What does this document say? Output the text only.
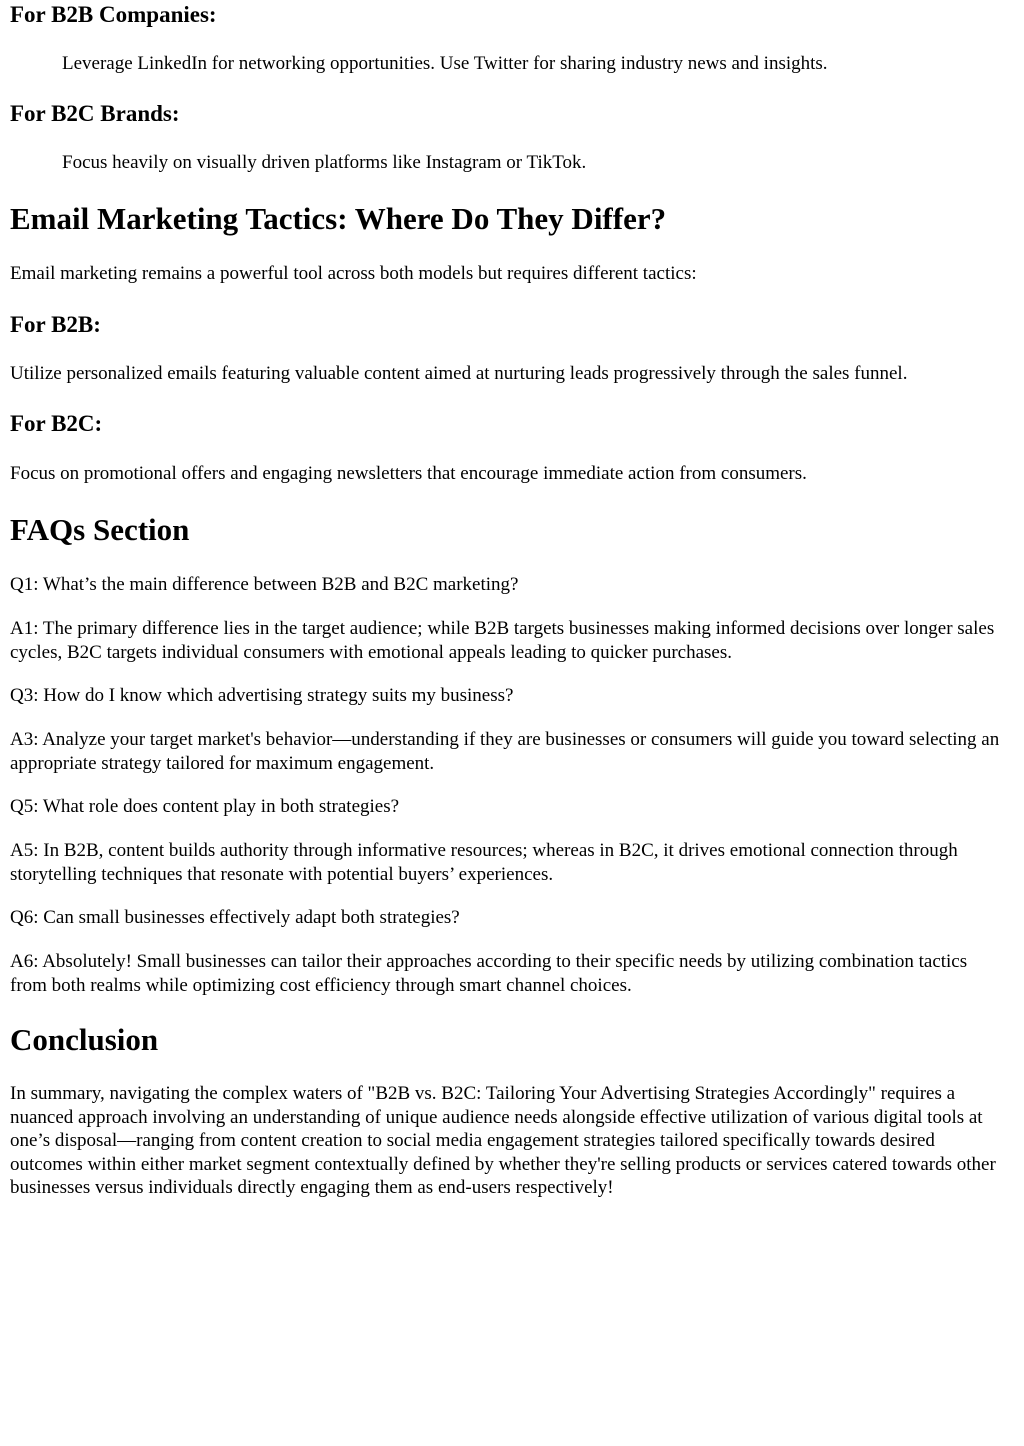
For B2B Companies:

Leverage LinkedIn for networking opportunities. Use Twitter for sharing industry news and insights.

For B2C Brands:

Focus heavily on visually driven platforms like Instagram or TikTok.

Email Marketing Tactics: Where Do They Differ?

Email marketing remains a powerful tool across both models but requires different tactics:

For B2B:

Utilize personalized emails featuring valuable content aimed at nurturing leads progressively through the sales funnel.

For B2C:

Focus on promotional offers and engaging newsletters that encourage immediate action from consumers.

FAQs Section

Q1: What’s the main difference between B2B and B2C marketing?

A1: The primary difference lies in the target audience; while B2B targets businesses making informed decisions over longer sales cycles, B2C targets individual consumers with emotional appeals leading to quicker purchases.

Q3: How do I know which advertising strategy suits my business?

A3: Analyze your target market's behavior—understanding if they are businesses or consumers will guide you toward selecting an appropriate strategy tailored for maximum engagement.

Q5: What role does content play in both strategies?

A5: In B2B, content builds authority through informative resources; whereas in B2C, it drives emotional connection through storytelling techniques that resonate with potential buyers’ experiences.

Q6: Can small businesses effectively adapt both strategies?

A6: Absolutely! Small businesses can tailor their approaches according to their specific needs by utilizing combination tactics from both realms while optimizing cost efficiency through smart channel choices.

Conclusion

In summary, navigating the complex waters of "B2B vs. B2C: Tailoring Your Advertising Strategies Accordingly" requires a nuanced approach involving an understanding of unique audience needs alongside effective utilization of various digital tools at one’s disposal—ranging from content creation to social media engagement strategies tailored specifically towards desired outcomes within either market segment contextually defined by whether they're selling products or services catered towards other businesses versus individuals directly engaging them as end-users respectively!
